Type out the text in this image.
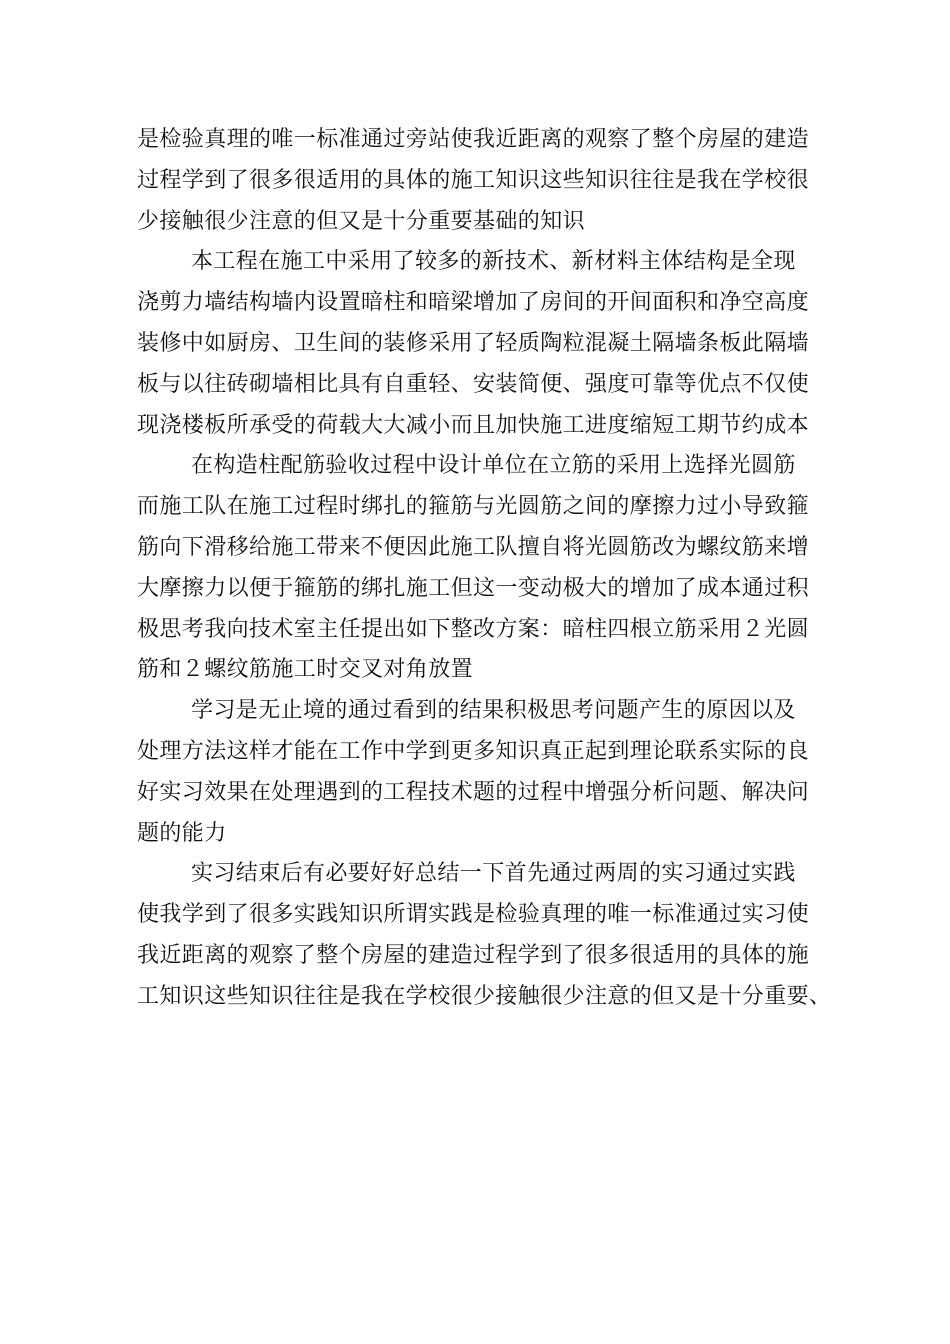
是检验真理的唯一标准通过旁站使我近距离的观察了整个房屋的建造
过程学到了很多很适用的具体的施工知识这些知识往往是我在学校很
少接触很少注意的但又是十分重要基础的知识
本工程在施工中采用了较多的新技术、新材料主体结构是全现
浇剪力墙结构墙内设置暗柱和暗梁增加了房间的开间面积和净空高度
装修中如厨房、卫生间的装修采用了轻质陶粒混凝土隔墙条板此隔墙
板与以往砖砌墙相比具有自重轻、安装简便、强度可靠等优点不仅使
现浇楼板所承受的荷载大大减小而且加快施工进度缩短工期节约成本
在构造柱配筋验收过程中设计单位在立筋的采用上选择光圆筋
而施工队在施工过程时绑扎的箍筋与光圆筋之间的摩擦力过小导致箍
筋向下滑移给施工带来不便因此施工队擅自将光圆筋改为螺纹筋来增
大摩擦力以便于箍筋的绑扎施工但这一变动极大的增加了成本通过积
极思考我向技术室主任提出如下整改方案：暗柱四根立筋采用２光圆
筋和２螺纹筋施工时交叉对角放置
学习是无止境的通过看到的结果积极思考问题产生的原因以及
处理方法这样才能在工作中学到更多知识真正起到理论联系实际的良
好实习效果在处理遇到的工程技术题的过程中增强分析问题、解决问
题的能力
实习结束后有必要好好总结一下首先通过两周的实习通过实践
使我学到了很多实践知识所谓实践是检验真理的唯一标准通过实习使
我近距离的观察了整个房屋的建造过程学到了很多很适用的具体的施
工知识这些知识往往是我在学校很少接触很少注意的但又是十分重要、
